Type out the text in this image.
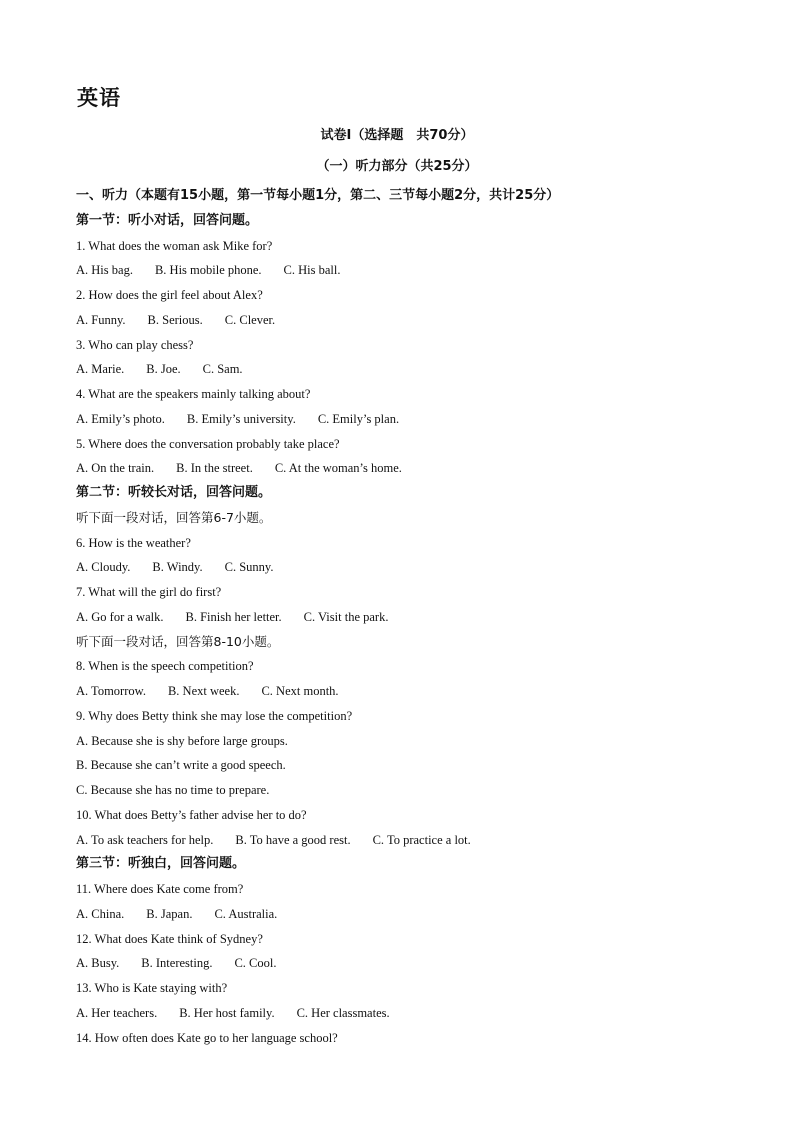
英语
试卷Ⅰ（选择题　共70分）
（一）听力部分（共25分）
一、听力（本题有15小题，第一节每小题1分，第二、三节每小题2分，共计25分）
第一节：听小对话，回答问题。
1. What does the woman ask Mike for?
A. His bag. B. His mobile phone. C. His ball.
2. How does the girl feel about Alex?
A. Funny. B. Serious. C. Clever.
3. Who can play chess?
A. Marie. B. Joe. C. Sam.
4. What are the speakers mainly talking about?
A. Emily’s photo. B. Emily’s university. C. Emily’s plan.
5. Where does the conversation probably take place?
A. On the train. B. In the street. C. At the woman’s home.
第二节：听较长对话，回答问题。
听下面一段对话，回答第6-7小题。
6. How is the weather?
A. Cloudy. B. Windy. C. Sunny.
7. What will the girl do first?
A. Go for a walk. B. Finish her letter. C. Visit the park.
听下面一段对话，回答第8-10小题。
8. When is the speech competition?
A. Tomorrow. B. Next week. C. Next month.
9. Why does Betty think she may lose the competition?
A. Because she is shy before large groups.
B. Because she can’t write a good speech.
C. Because she has no time to prepare.
10. What does Betty’s father advise her to do?
A. To ask teachers for help. B. To have a good rest. C. To practice a lot.
第三节：听独白，回答问题。
11. Where does Kate come from?
A. China. B. Japan. C. Australia.
12. What does Kate think of Sydney?
A. Busy. B. Interesting. C. Cool.
13. Who is Kate staying with?
A. Her teachers. B. Her host family. C. Her classmates.
14. How often does Kate go to her language school?
